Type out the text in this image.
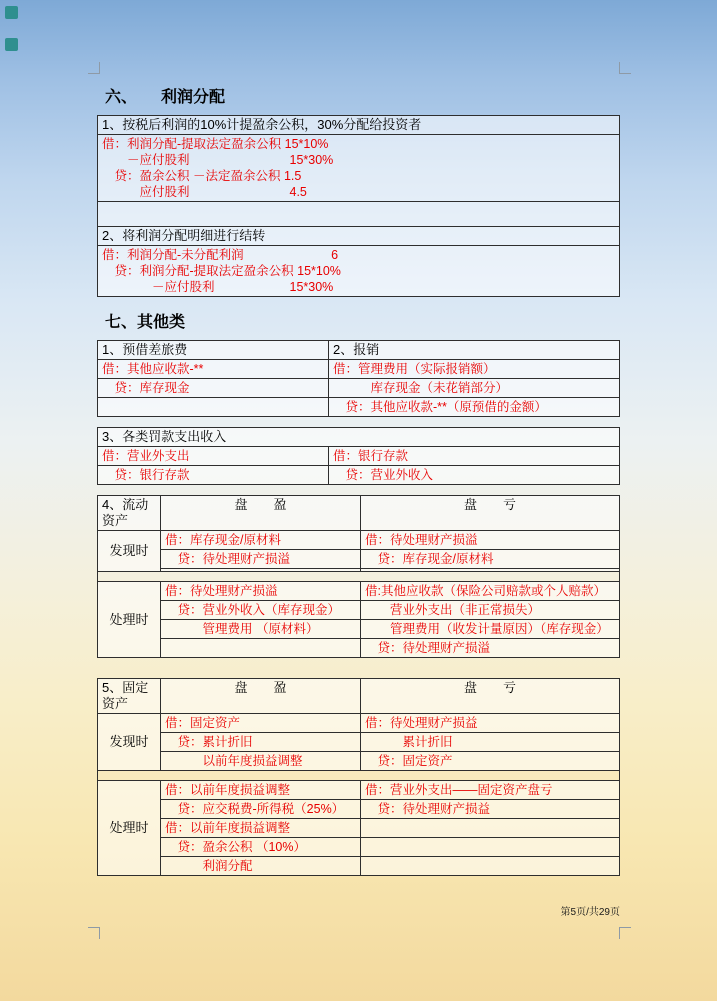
六、　　利润分配
1、按税后利润的10%计提盈余公积，30%分配给投资者

借：利润分配-提取法定盈余公积 15*10%
　　－应付股利　　　　　　　　15*30%
　贷：盈余公积 －法定盈余公积 1.5
　　　应付股利　　　　　　　　4.5

2、将利润分配明细进行结转

借：利润分配-未分配利润　　　　　　　6
　贷：利润分配-提取法定盈余公积 15*10%
　　　　－应付股利　　　　　　15*30%
七、其他类
1、预借差旅费	2、报销
借：其他应收款-**	借：管理费用（实际报销额）
　贷：库存现金	　　　库存现金（未花销部分）
	　贷：其他应收款-**（原预借的金额）
3、各类罚款支出收入	
借：营业外支出	借：银行存款
　贷：银行存款	　贷：营业外收入
4、流动资产	盘　　盈	盘　　亏
发现时	借：库存现金/原材料	借：待处理财产损溢
	　贷：待处理财产损溢	　贷：库存现金/原材料

处理时	借：待处理财产损溢	借:其他应收款（保险公司赔款或个人赔款）
	　贷：营业外收入（库存现金）	　　营业外支出（非正常损失）
	　　　管理费用 （原材料）	　　管理费用（收发计量原因）（库存现金）
		　贷：待处理财产损溢
5、固定资产	盘　　盈	盘　　亏
发现时	借：固定资产	借：待处理财产损益
	　贷：累计折旧	　　　累计折旧
	　　　以前年度损益调整	　贷：固定资产

处理时	借：以前年度损益调整	借：营业外支出――固定资产盘亏
	　贷：应交税费-所得税（25%）	　贷：待处理财产损益
	借：以前年度损益调整	
	　贷：盈余公积 （10%）	
	　　　利润分配	
第5页/共29页
